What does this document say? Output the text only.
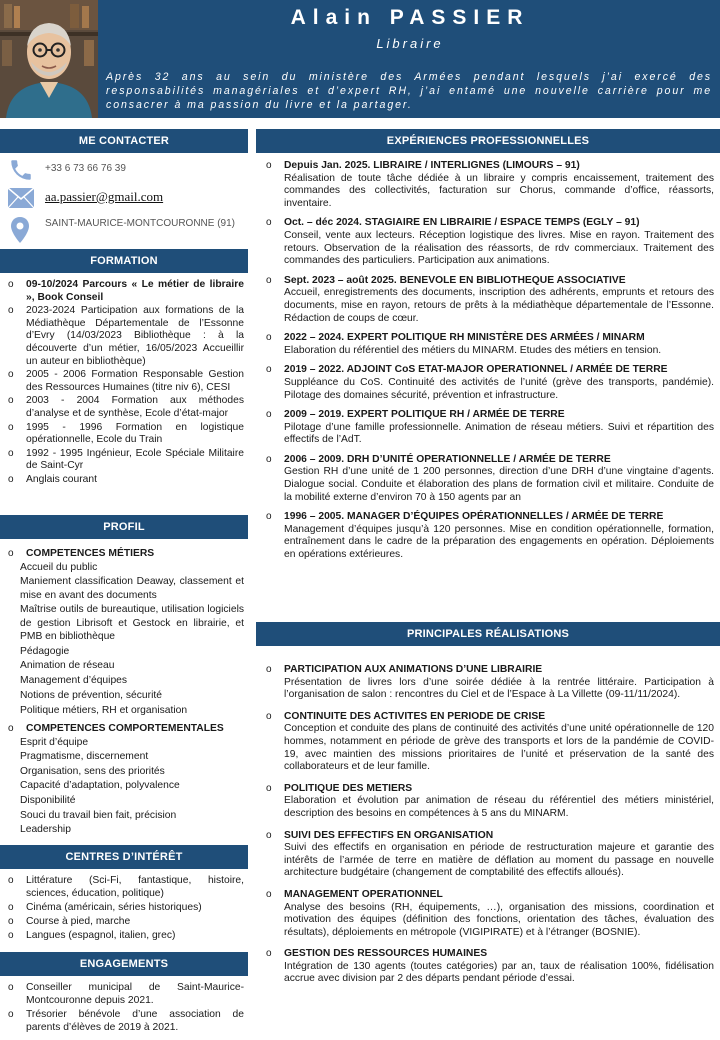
Alain PASSIER
Libraire
Après 32 ans au sein du ministère des Armées pendant lesquels j’ai exercé des responsabilités managériales et d’expert RH, j’ai entamé une nouvelle carrière pour me consacrer à ma passion du livre et la partager.
ME CONTACTER
+33 6 73 66 76 39
aa.passier@gmail.com
SAINT-MAURICE-MONTCOURONNE (91)
FORMATION
o 09-10/2024 Parcours « Le métier de libraire », Book Conseil
o 2023-2024 Participation aux formations de la Médiathèque Départementale de l’Essonne d’Evry (14/03/2023 Bibliothèque : à la découverte d’un métier, 16/05/2023 Accueillir un auteur en bibliothèque)
o 2005 - 2006 Formation Responsable Gestion des Ressources Humaines (titre niv 6), CESI
o 2003 - 2004 Formation aux méthodes d’analyse et de synthèse, Ecole d’état-major
o 1995 - 1996 Formation en logistique opérationnelle, Ecole du Train
o 1992 - 1995 Ingénieur, Ecole Spéciale Militaire de Saint-Cyr
o Anglais courant
PROFIL
o COMPETENCES MÉTIERS
Accueil du public
Maniement classification Deaway, classement et mise en avant des documents
Maîtrise outils de bureautique, utilisation logiciels de gestion Librisoft et Gestock en librairie, et PMB en bibliothèque
Pédagogie
Animation de réseau
Management d’équipes
Notions de prévention, sécurité
Politique métiers, RH et organisation
o COMPETENCES COMPORTEMENTALES
Esprit d’équipe
Pragmatisme, discernement
Organisation, sens des priorités
Capacité d’adaptation, polyvalence
Disponibilité
Souci du travail bien fait, précision
Leadership
CENTRES D’INTÉRÊT
o Littérature (Sci-Fi, fantastique, histoire, sciences, éducation, politique)
o Cinéma (américain, séries historiques)
o Course à pied, marche
o Langues (espagnol, italien, grec)
ENGAGEMENTS
o Conseiller municipal de Saint-Maurice-Montcouronne depuis 2021.
o Trésorier bénévole d’une association de parents d’élèves de 2019 à 2021.
EXPÉRIENCES PROFESSIONNELLES
o Depuis Jan. 2025. LIBRAIRE / INTERLIGNES (LIMOURS – 91)
Réalisation de toute tâche dédiée à un libraire y compris encaissement, traitement des commandes des collectivités, facturation sur Chorus, commande d’office, réassorts, inventaire.
o Oct. – déc 2024. STAGIAIRE EN LIBRAIRIE / ESPACE TEMPS (EGLY – 91)
Conseil, vente aux lecteurs. Réception logistique des livres. Mise en rayon. Traitement des retours. Observation de la réalisation des réassorts, de rdv commerciaux. Traitement des commandes des particuliers. Participation aux animations.
o Sept. 2023 – août 2025. BENEVOLE EN BIBLIOTHEQUE ASSOCIATIVE
Accueil, enregistrements des documents, inscription des adhérents, emprunts et retours des documents, mise en rayon, retours de prêts à la médiathèque départementale de l’Essonne. Rédaction de coups de cœur.
o 2022 – 2024. EXPERT POLITIQUE RH MINISTÈRE DES ARMÉES / MINARM
Elaboration du référentiel des métiers du MINARM. Etudes des métiers en tension.
o 2019 – 2022. ADJOINT CoS ETAT-MAJOR OPERATIONNEL / ARMÉE DE TERRE
Suppléance du CoS. Continuité des activités de l’unité (grève des transports, pandémie). Pilotage des domaines sécurité, prévention et infrastructure.
o 2009 – 2019. EXPERT POLITIQUE RH / ARMÉE DE TERRE
Pilotage d’une famille professionnelle. Animation de réseau métiers. Suivi et répartition des effectifs de l’AdT.
o 2006 – 2009. DRH D’UNITÉ OPERATIONNELLE / ARMÉE DE TERRE
Gestion RH d’une unité de 1 200 personnes, direction d’une DRH d’une vingtaine d’agents. Dialogue social. Conduite et élaboration des plans de formation civil et militaire. Conduite de la mobilité externe d’environ 70 à 150 agents par an
o 1996 – 2005. MANAGER D’ÉQUIPES OPÉRATIONNELLES / ARMÉE DE TERRE
Management d’équipes jusqu’à 120 personnes. Mise en condition opérationnelle, formation, entraînement dans le cadre de la préparation des engagements en opération. Déploiements en opérations extérieures.
PRINCIPALES RÉALISATIONS
o PARTICIPATION AUX ANIMATIONS D’UNE LIBRAIRIE
Présentation de livres lors d’une soirée dédiée à la rentrée littéraire. Participation à l’organisation de salon : rencontres du Ciel et de l’Espace à La Villette (09-11/11/2024).
o CONTINUITE DES ACTIVITES EN PERIODE DE CRISE
Conception et conduite des plans de continuité des activités d’une unité opérationnelle de 120 hommes, notamment en période de grève des transports et lors de la pandémie de COVID-19, avec maintien des missions prioritaires de l’unité et préservation de la santé des collaborateurs et de leur famille.
o POLITIQUE DES METIERS
Elaboration et évolution par animation de réseau du référentiel des métiers ministériel, description des besoins en compétences à 5 ans du MINARM.
o SUIVI DES EFFECTIFS EN ORGANISATION
Suivi des effectifs en organisation en période de restructuration majeure et garantie des intérêts de l’armée de terre en matière de déflation au moment du passage en nouvelle architecture budgétaire (changement de comptabilité des effectifs alloués).
o MANAGEMENT OPERATIONNEL
Analyse des besoins (RH, équipements, …), organisation des missions, coordination et motivation des équipes (définition des fonctions, orientation des tâches, évaluation des résultats), déploiements en métropole (VIGIPIRATE) et à l’étranger (BOSNIE).
o GESTION DES RESSOURCES HUMAINES
Intégration de 130 agents (toutes catégories) par an, taux de réalisation 100%, fidélisation accrue avec division par 2 des départs pendant période d’essai.
